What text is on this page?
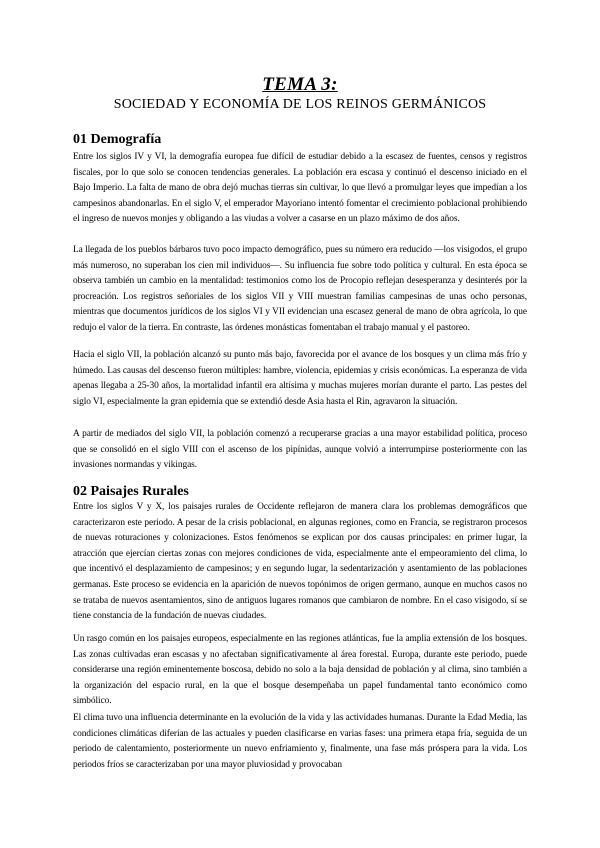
TEMA 3:
SOCIEDAD Y ECONOMÍA DE LOS REINOS GERMÁNICOS
01 Demografía

Entre los siglos IV y VI, la demografía europea fue difícil de estudiar debido a la escasez de fuentes, censos y registros fiscales, por lo que solo se conocen tendencias generales. La población era escasa y continuó el descenso iniciado en el Bajo Imperio. La falta de mano de obra dejó muchas tierras sin cultivar, lo que llevó a promulgar leyes que impedían a los campesinos abandonarlas. En el siglo V, el emperador Mayoriano intentó fomentar el crecimiento poblacional prohibiendo el ingreso de nuevos monjes y obligando a las viudas a volver a casarse en un plazo máximo de dos años.

La llegada de los pueblos bárbaros tuvo poco impacto demográfico, pues su número era reducido —los visigodos, el grupo más numeroso, no superaban los cien mil individuos—. Su influencia fue sobre todo política y cultural. En esta época se observa también un cambio en la mentalidad: testimonios como los de Procopio reflejan desesperanza y desinterés por la procreación. Los registros señoriales de los siglos VII y VIII muestran familias campesinas de unas ocho personas, mientras que documentos jurídicos de los siglos VI y VII evidencian una escasez general de mano de obra agrícola, lo que redujo el valor de la tierra. En contraste, las órdenes monásticas fomentaban el trabajo manual y el pastoreo.

Hacia el siglo VII, la población alcanzó su punto más bajo, favorecida por el avance de los bosques y un clima más frío y húmedo. Las causas del descenso fueron múltiples: hambre, violencia, epidemias y crisis económicas. La esperanza de vida apenas llegaba a 25-30 años, la mortalidad infantil era altísima y muchas mujeres morían durante el parto. Las pestes del siglo VI, especialmente la gran epidemia que se extendió desde Asia hasta el Rin, agravaron la situación.

A partir de mediados del siglo VII, la población comenzó a recuperarse gracias a una mayor estabilidad política, proceso que se consolidó en el siglo VIII con el ascenso de los pipínidas, aunque volvió a interrumpirse posteriormente con las invasiones normandas y vikingas.

02 Paisajes Rurales

Entre los siglos V y X, los paisajes rurales de Occidente reflejaron de manera clara los problemas demográficos que caracterizaron este periodo. A pesar de la crisis poblacional, en algunas regiones, como en Francia, se registraron procesos de nuevas roturaciones y colonizaciones. Estos fenómenos se explican por dos causas principales: en primer lugar, la atracción que ejercían ciertas zonas con mejores condiciones de vida, especialmente ante el empeoramiento del clima, lo que incentivó el desplazamiento de campesinos; y en segundo lugar, la sedentarización y asentamiento de las poblaciones germanas. Este proceso se evidencia en la aparición de nuevos topónimos de origen germano, aunque en muchos casos no se trataba de nuevos asentamientos, sino de antiguos lugares romanos que cambiaron de nombre. En el caso visigodo, sí se tiene constancia de la fundación de nuevas ciudades.

Un rasgo común en los paisajes europeos, especialmente en las regiones atlánticas, fue la amplia extensión de los bosques. Las zonas cultivadas eran escasas y no afectaban significativamente al área forestal. Europa, durante este periodo, puede considerarse una región eminentemente boscosa, debido no solo a la baja densidad de población y al clima, sino también a la organización del espacio rural, en la que el bosque desempeñaba un papel fundamental tanto económico como simbólico.

El clima tuvo una influencia determinante en la evolución de la vida y las actividades humanas. Durante la Edad Media, las condiciones climáticas diferían de las actuales y pueden clasificarse en varias fases: una primera etapa fría, seguida de un periodo de calentamiento, posteriormente un nuevo enfriamiento y, finalmente, una fase más próspera para la vida. Los periodos fríos se caracterizaban por una mayor pluviosidad y provocaban
